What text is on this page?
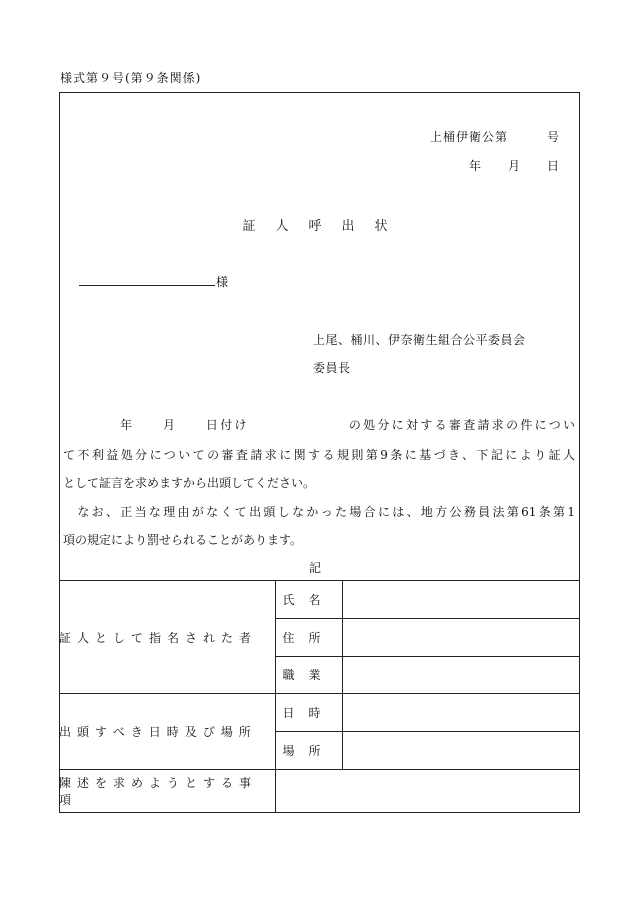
様式第９号(第９条関係)
上桶伊衛公第　　　号
年　　月　　日
証人呼出状
様
上尾、桶川、伊奈衛生組合公平委員会
委員長
　　　　年　　月　　日付け　　　　　　　の処分に対する審査請求の件につい
て不利益処分についての審査請求に関する規則第9条に基づき、下記により証人
として証言を求めますから出頭してください。
　なお、正当な理由がなくて出頭しなかった場合には、地方公務員法第61条第1
項の規定により罰せられることがあります。
記
証人として指名された者	氏名	
	住所	
	職業	
出頭すべき日時及び場所	日時	
	場所	
陳述を求めようとする事項		
